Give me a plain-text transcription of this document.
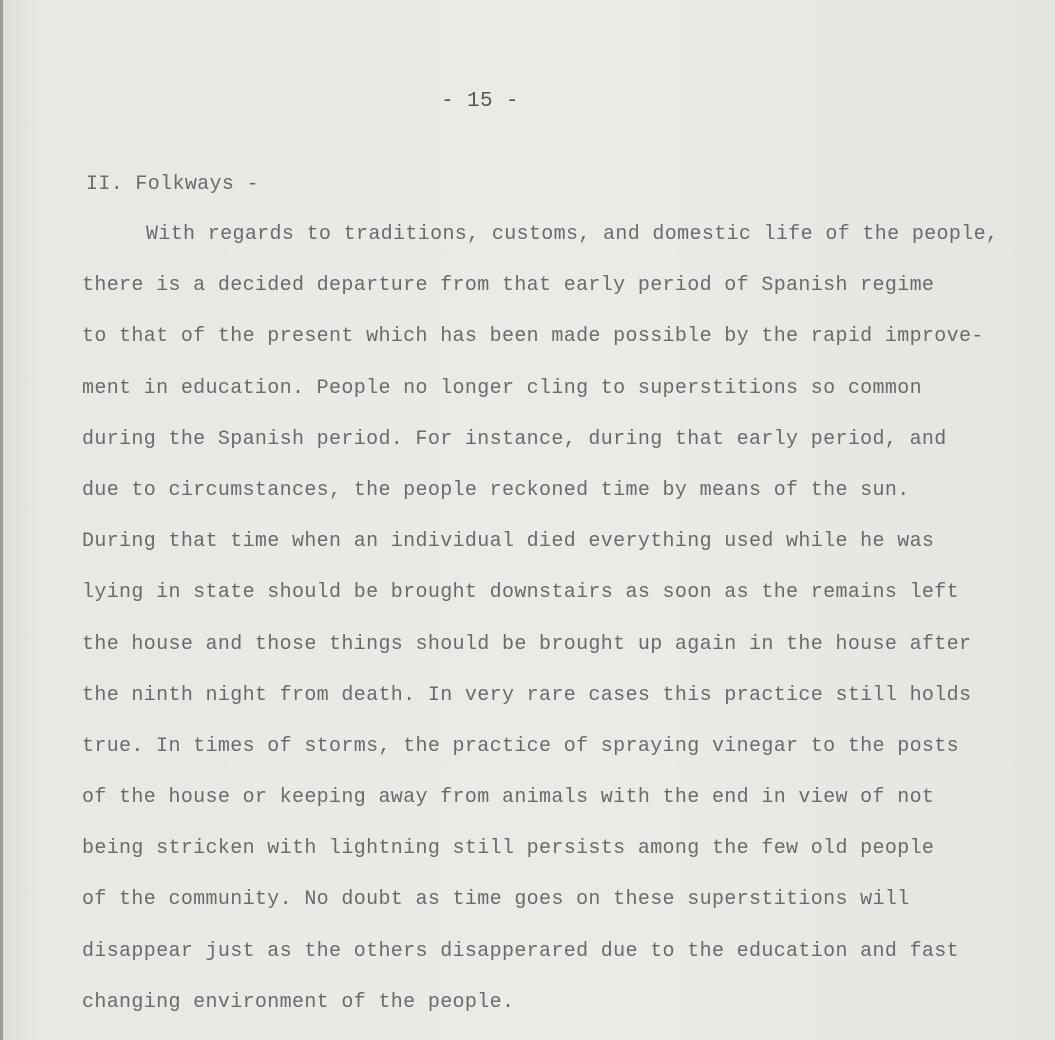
- 15 -
II. Folkways -
With regards to traditions, customs, and domestic life of the people,
there is a decided departure from that early period of Spanish regime
to that of the present which has been made possible by the rapid improve-
ment in education. People no longer cling to superstitions so common
during the Spanish period. For instance, during that early period, and
due to circumstances, the people reckoned time by means of the sun.
During that time when an individual died everything used while he was
lying in state should be brought downstairs as soon as the remains left
the house and those things should be brought up again in the house after
the ninth night from death. In very rare cases this practice still holds
true. In times of storms, the practice of spraying vinegar to the posts
of the house or keeping away from animals with the end in view of not
being stricken with lightning still persists among the few old people
of the community. No doubt as time goes on these superstitions will
disappear just as the others disapperared due to the education and fast
changing environment of the people.
